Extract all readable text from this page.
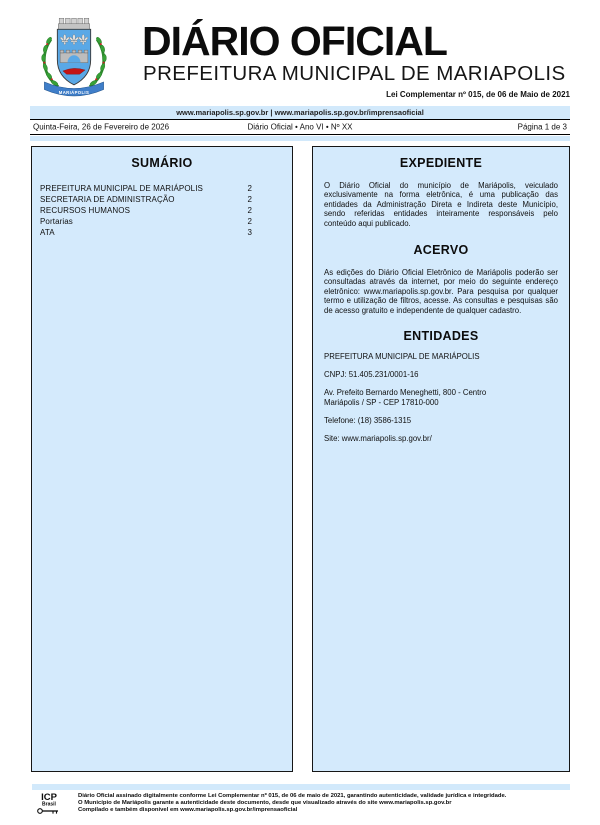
MARIÁPOLIS
DIÁRIO OFICIAL
PREFEITURA MUNICIPAL DE MARIAPOLIS
Lei Complementar nº 015, de 06 de Maio de 2021
www.mariapolis.sp.gov.br | www.mariapolis.sp.gov.br/imprensaoficial
Quinta-Feira, 26 de Fevereiro de 2026	Diário Oficial • Ano VI • Nº XX	Página 1 de 3
SUMÁRIO
PREFEITURA MUNICIPAL DE MARIÁPOLIS	2
SECRETARIA DE ADMINISTRAÇÃO	2
RECURSOS HUMANOS	2
Portarias	2
ATA	3
EXPEDIENTE
O Diário Oficial do município de Mariápolis, veiculado exclusivamente na forma eletrônica, é uma publicação das entidades da Administração Direta e Indireta deste Município, sendo referidas entidades inteiramente responsáveis pelo conteúdo aqui publicado.
ACERVO
As edições do Diário Oficial Eletrônico de Mariápolis poderão ser consultadas através da internet, por meio do seguinte endereço eletrônico: www.mariapolis.sp.gov.br. Para pesquisa por qualquer termo e utilização de filtros, acesse. As consultas e pesquisas são de acesso gratuito e independente de qualquer cadastro.
ENTIDADES
PREFEITURA MUNICIPAL DE MARIÁPOLIS
CNPJ: 51.405.231/0001-16
Av. Prefeito Bernardo Meneghetti, 800 - Centro
Mariápolis / SP - CEP 17810-000
Telefone: (18) 3586-1315
Site: www.mariapolis.sp.gov.br/
ICP
Brasil
Diário Oficial assinado digitalmente conforme Lei Complementar nº 015, de 06 de maio de 2021, garantindo autenticidade, validade jurídica e integridade.
O Município de Mariápolis garante a autenticidade deste documento, desde que visualizado através do site www.mariapolis.sp.gov.br
Compilado e também disponível em www.mariapolis.sp.gov.br/imprensaoficial
